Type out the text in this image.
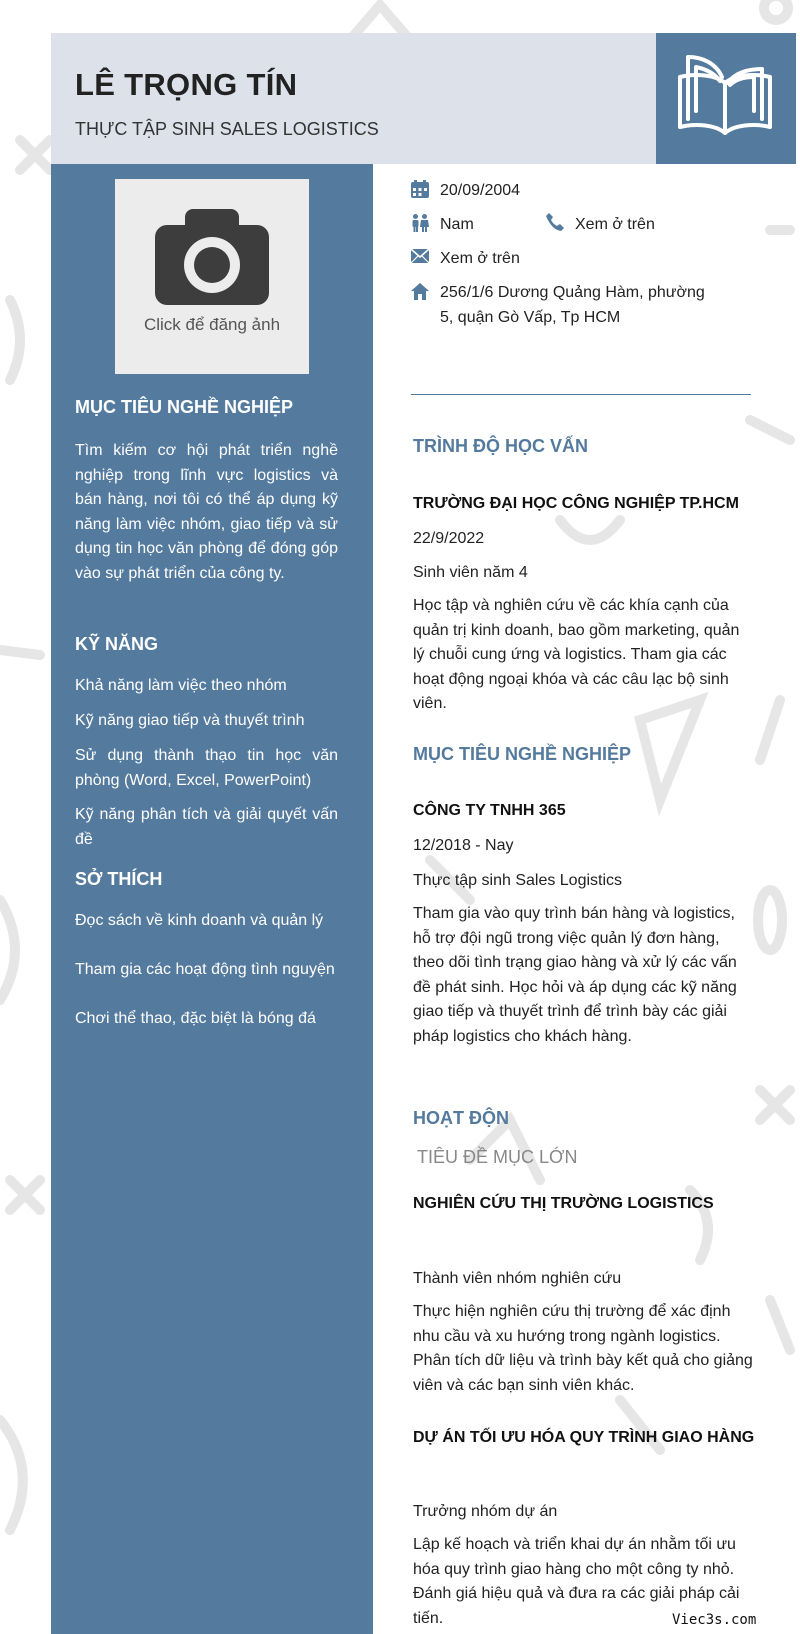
LÊ TRỌNG TÍN
THỰC TẬP SINH SALES LOGISTICS
Click để đăng ảnh
MỤC TIÊU NGHỀ NGHIỆP
Tìm kiếm cơ hội phát triển nghề nghiệp trong lĩnh vực logistics và bán hàng, nơi tôi có thể áp dụng kỹ năng làm việc nhóm, giao tiếp và sử dụng tin học văn phòng để đóng góp vào sự phát triển của công ty.
KỸ NĂNG
Khả năng làm việc theo nhóm
Kỹ năng giao tiếp và thuyết trình
Sử dụng thành thạo tin học văn phòng (Word, Excel, PowerPoint)
Kỹ năng phân tích và giải quyết vấn đề
SỞ THÍCH
Đọc sách về kinh doanh và quản lý
Tham gia các hoạt động tình nguyện
Chơi thể thao, đặc biệt là bóng đá
20/09/2004
Nam	Xem ở trên
Xem ở trên
256/1/6 Dương Quảng Hàm, phường
5, quận Gò Vấp, Tp HCM
TRÌNH ĐỘ HỌC VẤN
TRƯỜNG ĐẠI HỌC CÔNG NGHIỆP TP.HCM
22/9/2022
Sinh viên năm 4
Học tập và nghiên cứu về các khía cạnh của quản trị kinh doanh, bao gồm marketing, quản lý chuỗi cung ứng và logistics. Tham gia các hoạt động ngoại khóa và các câu lạc bộ sinh viên.
MỤC TIÊU NGHỀ NGHIỆP
CÔNG TY TNHH 365
12/2018 - Nay
Thực tập sinh Sales Logistics
Tham gia vào quy trình bán hàng và logistics, hỗ trợ đội ngũ trong việc quản lý đơn hàng, theo dõi tình trạng giao hàng và xử lý các vấn đề phát sinh. Học hỏi và áp dụng các kỹ năng giao tiếp và thuyết trình để trình bày các giải pháp logistics cho khách hàng.
HOẠT ĐỘN
TIÊU ĐỀ MỤC LỚN
NGHIÊN CỨU THỊ TRƯỜNG LOGISTICS
Thành viên nhóm nghiên cứu
Thực hiện nghiên cứu thị trường để xác định nhu cầu và xu hướng trong ngành logistics. Phân tích dữ liệu và trình bày kết quả cho giảng viên và các bạn sinh viên khác.
DỰ ÁN TỐI ƯU HÓA QUY TRÌNH GIAO HÀNG
Trưởng nhóm dự án
Lập kế hoạch và triển khai dự án nhằm tối ưu hóa quy trình giao hàng cho một công ty nhỏ. Đánh giá hiệu quả và đưa ra các giải pháp cải tiến.	Viec3s.com
